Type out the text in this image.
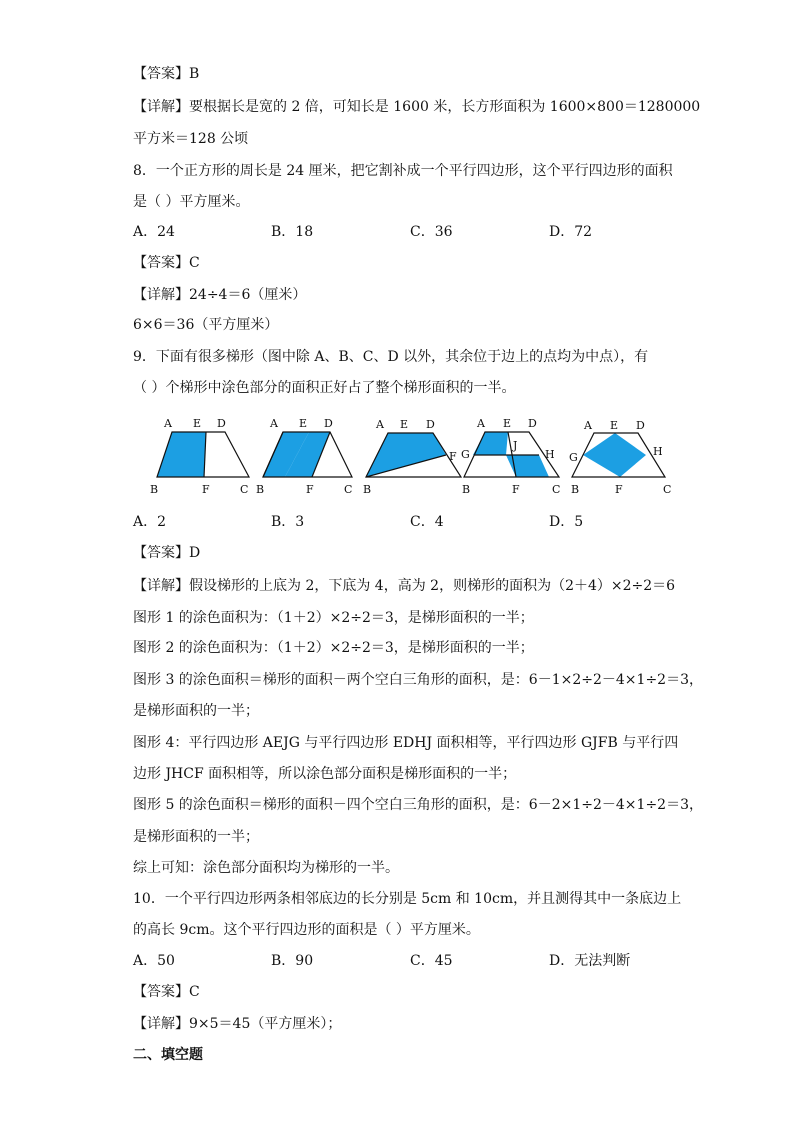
【答案】B
【详解】要根据长是宽的 2 倍，可知长是 1600 米，长方形面积为 1600×800＝1280000
平方米＝128 公顷
8．一个正方形的周长是 24 厘米，把它割补成一个平行四边形，这个平行四边形的面积
是（ ）平方厘米。
A．24	B．18	C．36	D．72
【答案】C
【详解】24÷4＝6（厘米）
6×6＝36（平方厘米）
9．下面有很多梯形（图中除 A、B、C、D 以外，其余位于边上的点均为中点），有
（ ）个梯形中涂色部分的面积正好占了整个梯形面积的一半。
A E D
B	F	C
A E D
B	F	C
A E D
F
B
A E D
G
J
H
B	F	C
A E D
G	H
B	F	C
A．2	B．3	C．4	D．5
【答案】D
【详解】假设梯形的上底为 2，下底为 4，高为 2，则梯形的面积为（2＋4）×2÷2＝6
图形 1 的涂色面积为：（1＋2）×2÷2＝3，是梯形面积的一半；
图形 2 的涂色面积为：（1＋2）×2÷2＝3，是梯形面积的一半；
图形 3 的涂色面积＝梯形的面积－两个空白三角形的面积，是：6－1×2÷2－4×1÷2＝3，
是梯形面积的一半；
图形 4：平行四边形 AEJG 与平行四边形 EDHJ 面积相等，平行四边形 GJFB 与平行四
边形 JHCF 面积相等，所以涂色部分面积是梯形面积的一半；
图形 5 的涂色面积＝梯形的面积－四个空白三角形的面积，是：6－2×1÷2－4×1÷2＝3，
是梯形面积的一半；
综上可知：涂色部分面积均为梯形的一半。
10．一个平行四边形两条相邻底边的长分别是 5cm 和 10cm，并且测得其中一条底边上
的高长 9cm。这个平行四边形的面积是（ ）平方厘米。
A．50	B．90	C．45	D．无法判断
【答案】C
【详解】9×5＝45（平方厘米）；
二、填空题
